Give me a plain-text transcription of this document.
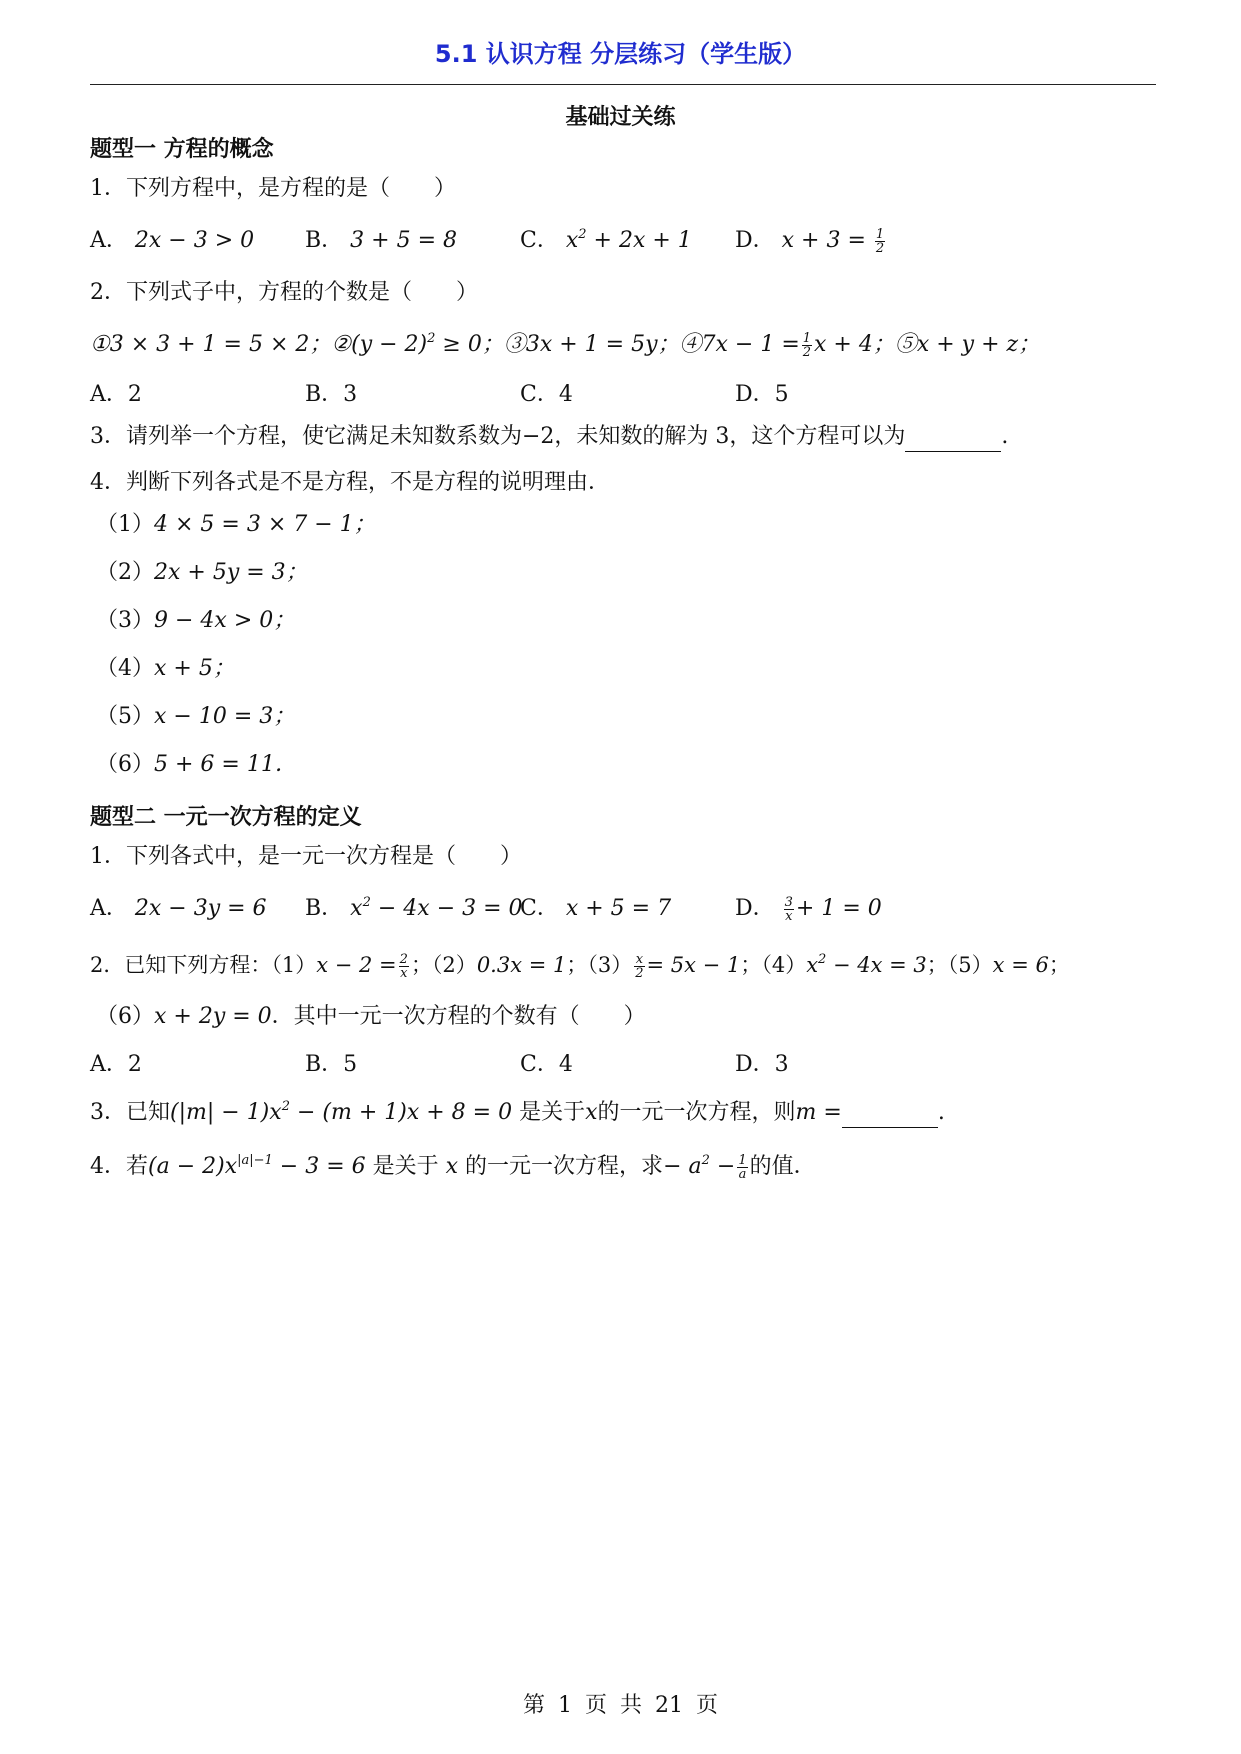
5.1 认识方程 分层练习（学生版）
基础过关练
题型一 方程的概念
1．下列方程中，是方程的是（　　）
A． 2x − 3 > 0 B． 3 + 5 = 8	C． $x^2 + 2x + 1$ D． $x + 3 = \frac{1}{2}$
2．下列式子中，方程的个数是（　　）
①3 × 3 + 1 = 5 × 2；②(y − 2)$^2$ ≥ 0；③3x + 1 = 5y；④7x − $1 = \frac{1}{2}$ x + 4；⑤x + y + z；
A．2	B．3	C．4	D．5
3．请列举一个方程，使它满足未知数系数为−2，未知数的解为 3，这个方程可以为	.
4．判断下列各式是不是方程，不是方程的说明理由．
（1）4 × 5 = 3 × 7 − 1；
（2）2x + 5y = 3；
（3）9 − 4x > 0；
（4）x + 5；
（5）x − 10 = 3；
（6）5 + 6 = 11．
题型二 一元一次方程的定义
1．下列各式中，是一元一次方程是（　　）
A． 2x − 3y = 6 B． $x^2 - 4x - 3 = 0$
C． x + 5 = 7	D． $\frac{3}{x} + 1 = 0$
2．已知下列方程：$(1)x - 2 = \frac{2}{x}$ ；（2）0.3x = 1；$(3) \frac{x}{2} = 5x - 1$；$(4)x^2 - 4x = 3$；（5）x = 6；
（6）x + 2y = 0．其中一元一次方程的个数有（　　）
A．2	B．5	C．4	D．3
3．已知$(|m| - 1)x^2 - (m + 1)x + 8 = 0$ 是关于x的一元一次方程，则m =	.
4．若$(a - 2)x^{|a|-1} - 3 = 6$ 是关于 x 的一元一次方程，求− $a^2 - \frac{1}{a}$ 的值．
第 1 页 共 21 页
